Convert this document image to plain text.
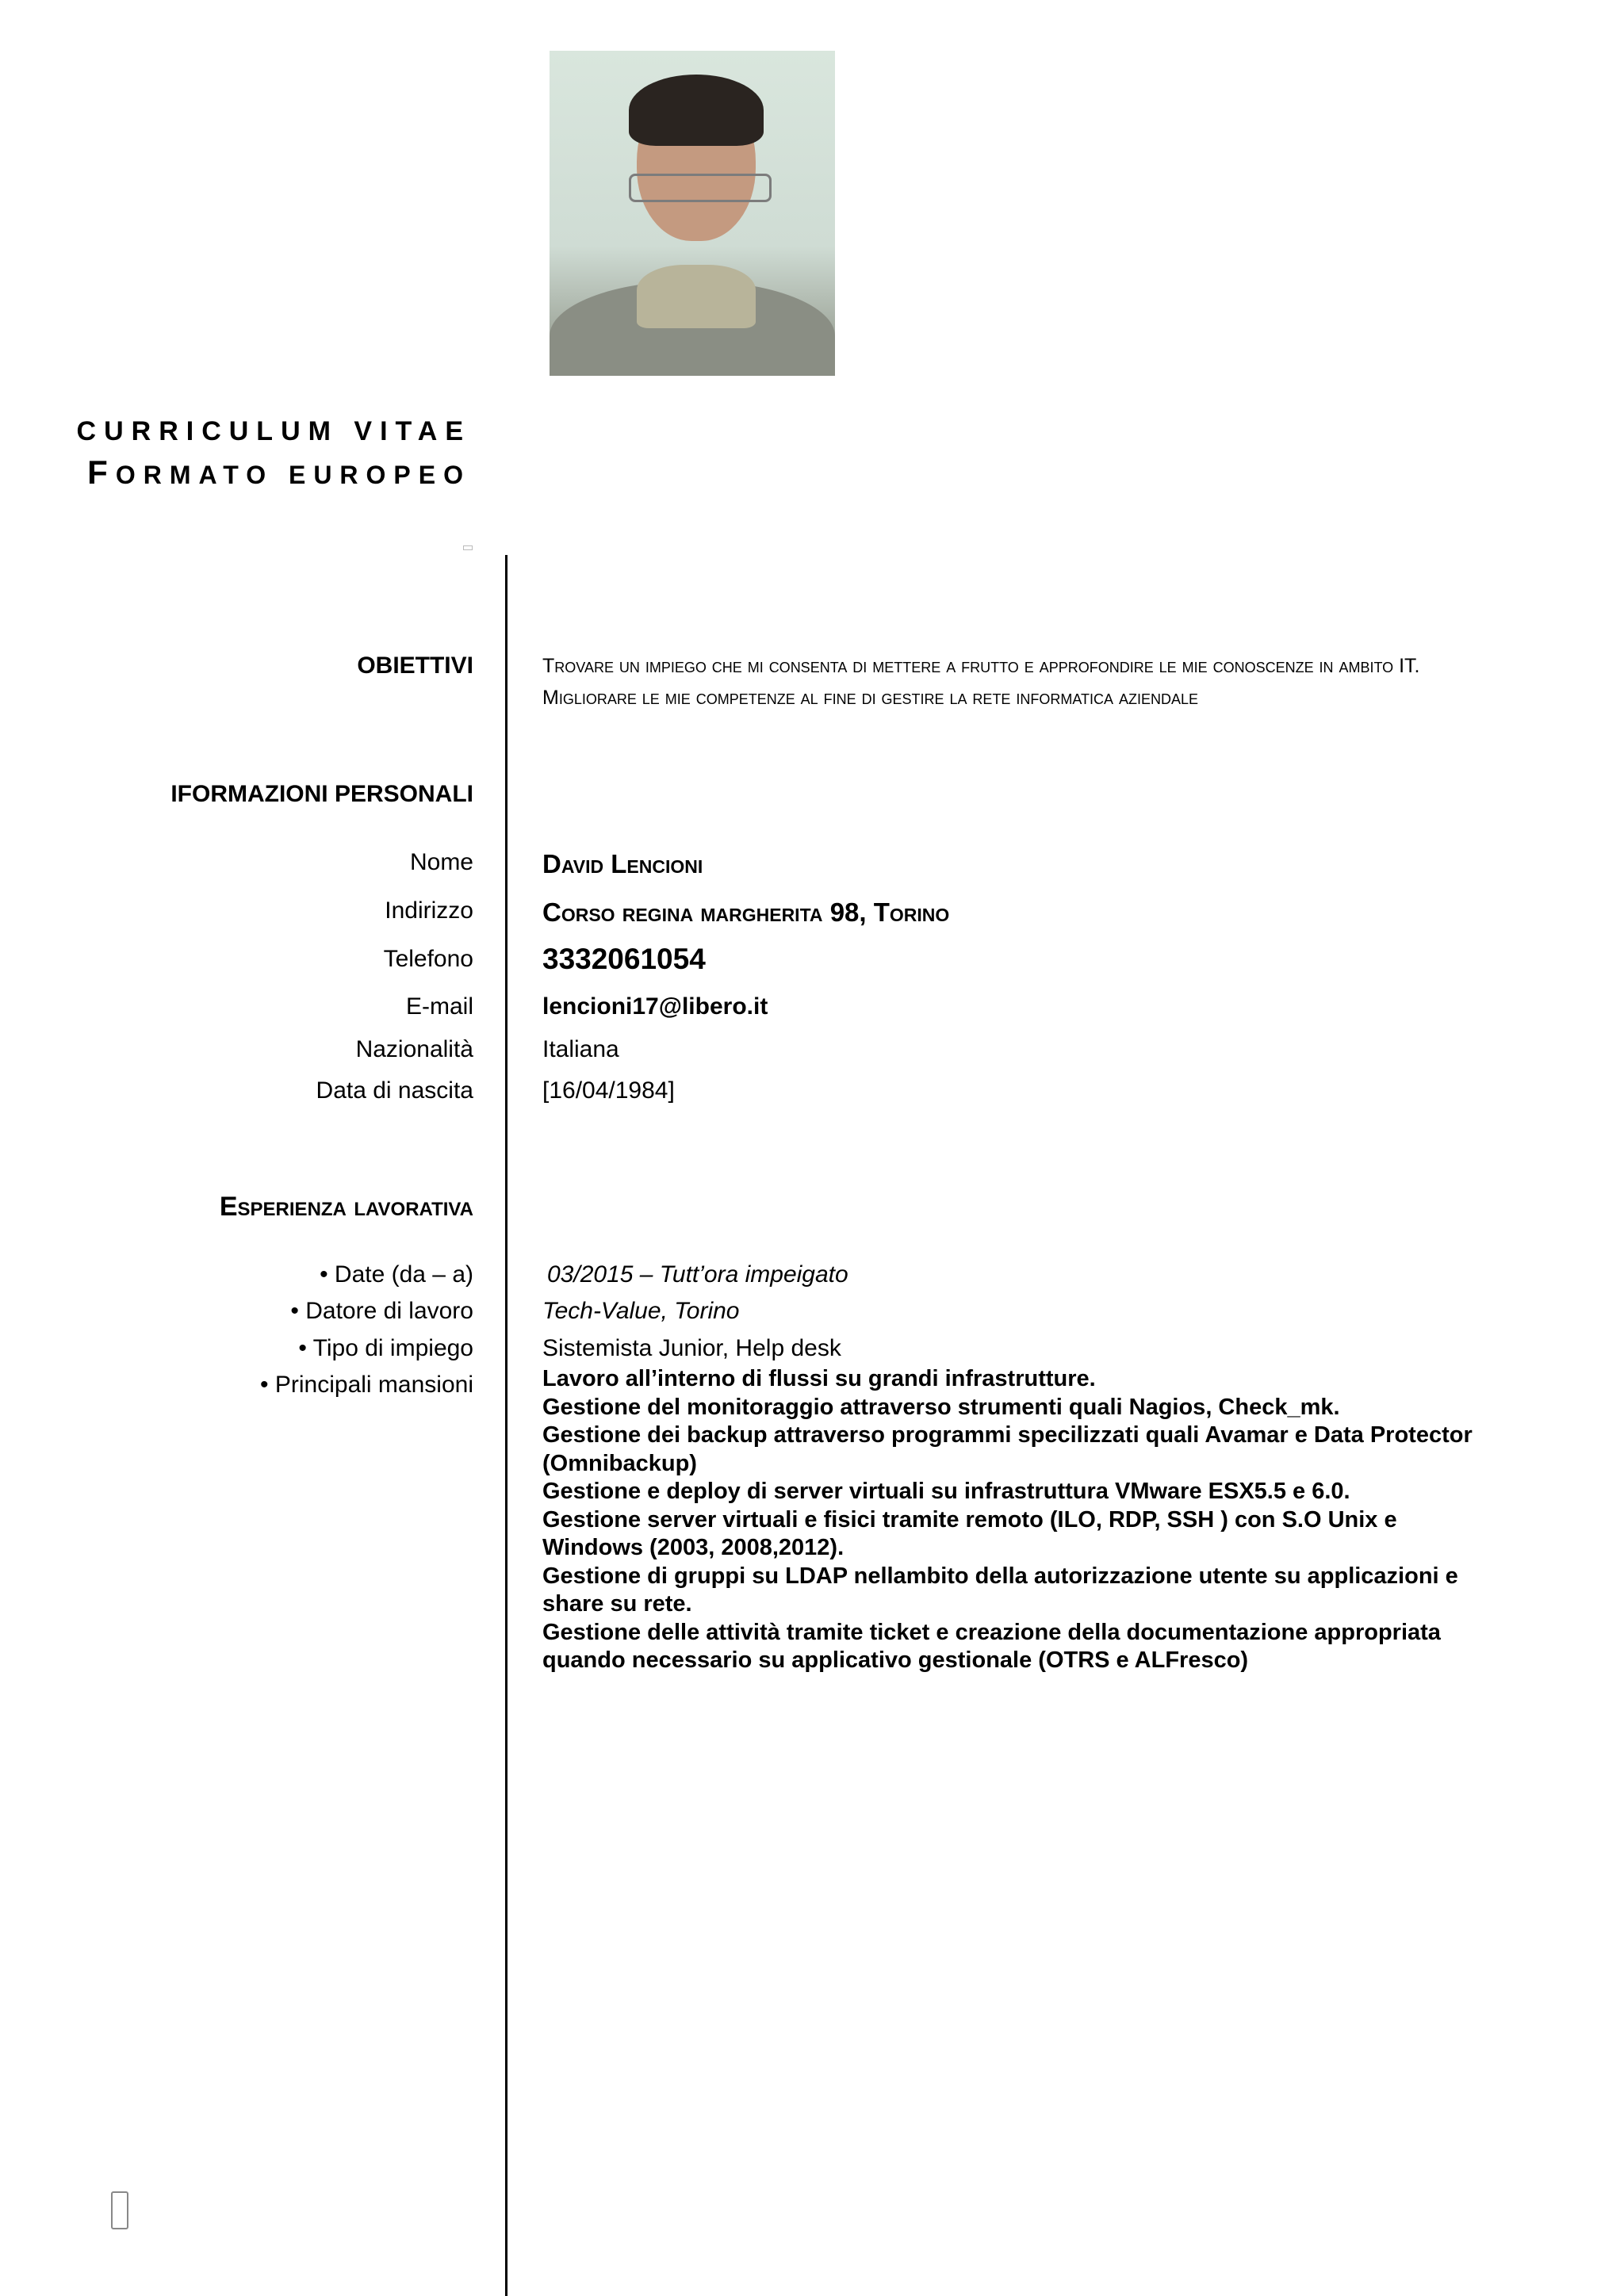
CURRICULUM VITAE
FORMATO EUROPEO
OBIETTIVI	Trovare un impiego che mi consenta di mettere a frutto e approfondire le mie conoscenze in ambito IT. Migliorare le mie competenze al fine di gestire la rete informatica aziendale
IFORMAZIONI PERSONALI
Nome	David Lencioni
Indirizzo	Corso regina margherita 98, Torino
Telefono 3332061054
E-mail	lencioni17@libero.it
Nazionalità	Italiana
Data di nascita	[16/04/1984]
Esperienza lavorativa
• Date (da – a)	03/2015 – Tutt’ora impeigato
• Datore di lavoro	Tech-Value, Torino
• Tipo di impiego	Sistemista Junior, Help desk
• Principali mansioni	Lavoro all’interno di flussi su grandi infrastrutture.
Gestione del monitoraggio attraverso strumenti quali Nagios, Check_mk.
Gestione dei backup attraverso programmi specilizzati quali Avamar e Data Protector (Omnibackup)
Gestione e deploy di server virtuali su infrastruttura VMware ESX5.5 e 6.0.
Gestione server virtuali e fisici tramite remoto (ILO, RDP, SSH ) con S.O Unix e Windows (2003, 2008,2012).
Gestione di gruppi su LDAP nellambito della autorizzazione utente su applicazioni e share su rete.
Gestione delle attività tramite ticket e creazione della documentazione appropriata quando necessario su applicativo gestionale (OTRS e ALFresco)
